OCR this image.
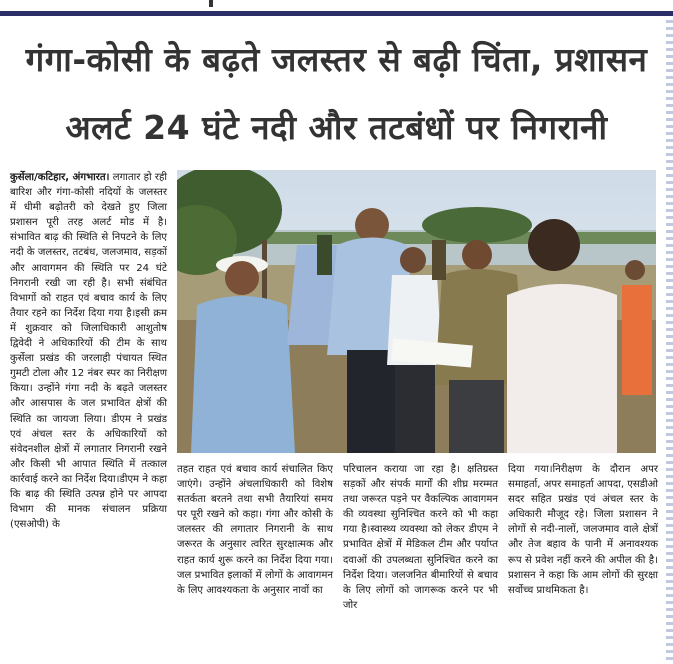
गंगा-कोसी के बढ़ते जलस्तर से बढ़ी चिंता, प्रशासन
अलर्ट 24 घंटे नदी और तटबंधों पर निगरानी
कुर्सेला/कटिहार, अंगभारत। लगातार हो रही बारिश और गंगा-कोसी नदियों के जलस्तर में धीमी बढ़ोतरी को देखते हुए जिला प्रशासन पूरी तरह अलर्ट मोड में है। संभावित बाढ़ की स्थिति से निपटने के लिए नदी के जलस्तर, तटबंध, जलजमाव, सड़कों और आवागमन की स्थिति पर 24 घंटे निगरानी रखी जा रही है। सभी संबंधित विभागों को राहत एवं बचाव कार्य के लिए तैयार रहने का निर्देश दिया गया है।इसी क्रम में शुक्रवार को जिलाधिकारी आशुतोष द्विवेदी ने अधिकारियों की टीम के साथ कुर्सेला प्रखंड की जरलाही पंचायत स्थित गुमटी टोला और 12 नंबर स्पर का निरीक्षण किया। उन्होंने गंगा नदी के बढ़ते जलस्तर और आसपास के जल प्रभावित क्षेत्रों की स्थिति का जायजा लिया। डीएम ने प्रखंड एवं अंचल स्तर के अधिकारियों को संवेदनशील क्षेत्रों में लगातार निगरानी रखने और किसी भी आपात स्थिति में तत्काल कार्रवाई करने का निर्देश दिया।डीएम ने कहा कि बाढ़ की स्थिति उत्पन्न होने पर आपदा विभाग की मानक संचालन प्रक्रिया (एसओपी) के
तहत राहत एवं बचाव कार्य संचालित किए जाएंगे। उन्होंने अंचलाधिकारी को विशेष सतर्कता बरतने तथा सभी तैयारियां समय पर पूरी रखने को कहा। गंगा और कोसी के जलस्तर की लगातार निगरानी के साथ जरूरत के अनुसार त्वरित सुरक्षात्मक और राहत कार्य शुरू करने का निर्देश दिया गया।जल प्रभावित इलाकों में लोगों के आवागमन के लिए आवश्यकता के अनुसार नावों का
परिचालन कराया जा रहा है। क्षतिग्रस्त सड़कों और संपर्क मार्गों की शीघ्र मरम्मत तथा जरूरत पड़ने पर वैकल्पिक आवागमन की व्यवस्था सुनिश्चित करने को भी कहा गया है।स्वास्थ्य व्यवस्था को लेकर डीएम ने प्रभावित क्षेत्रों में मेडिकल टीम और पर्याप्त दवाओं की उपलब्धता सुनिश्चित करने का निर्देश दिया। जलजनित बीमारियों से बचाव के लिए लोगों को जागरूक करने पर भी जोर
दिया गया।निरीक्षण के दौरान अपर समाहर्ता, अपर समाहर्ता आपदा, एसडीओ सदर सहित प्रखंड एवं अंचल स्तर के अधिकारी मौजूद रहे। जिला प्रशासन ने लोगों से नदी-नालों, जलजमाव वाले क्षेत्रों और तेज बहाव के पानी में अनावश्यक रूप से प्रवेश नहीं करने की अपील की है। प्रशासन ने कहा कि आम लोगों की सुरक्षा सर्वोच्च प्राथमिकता है।
